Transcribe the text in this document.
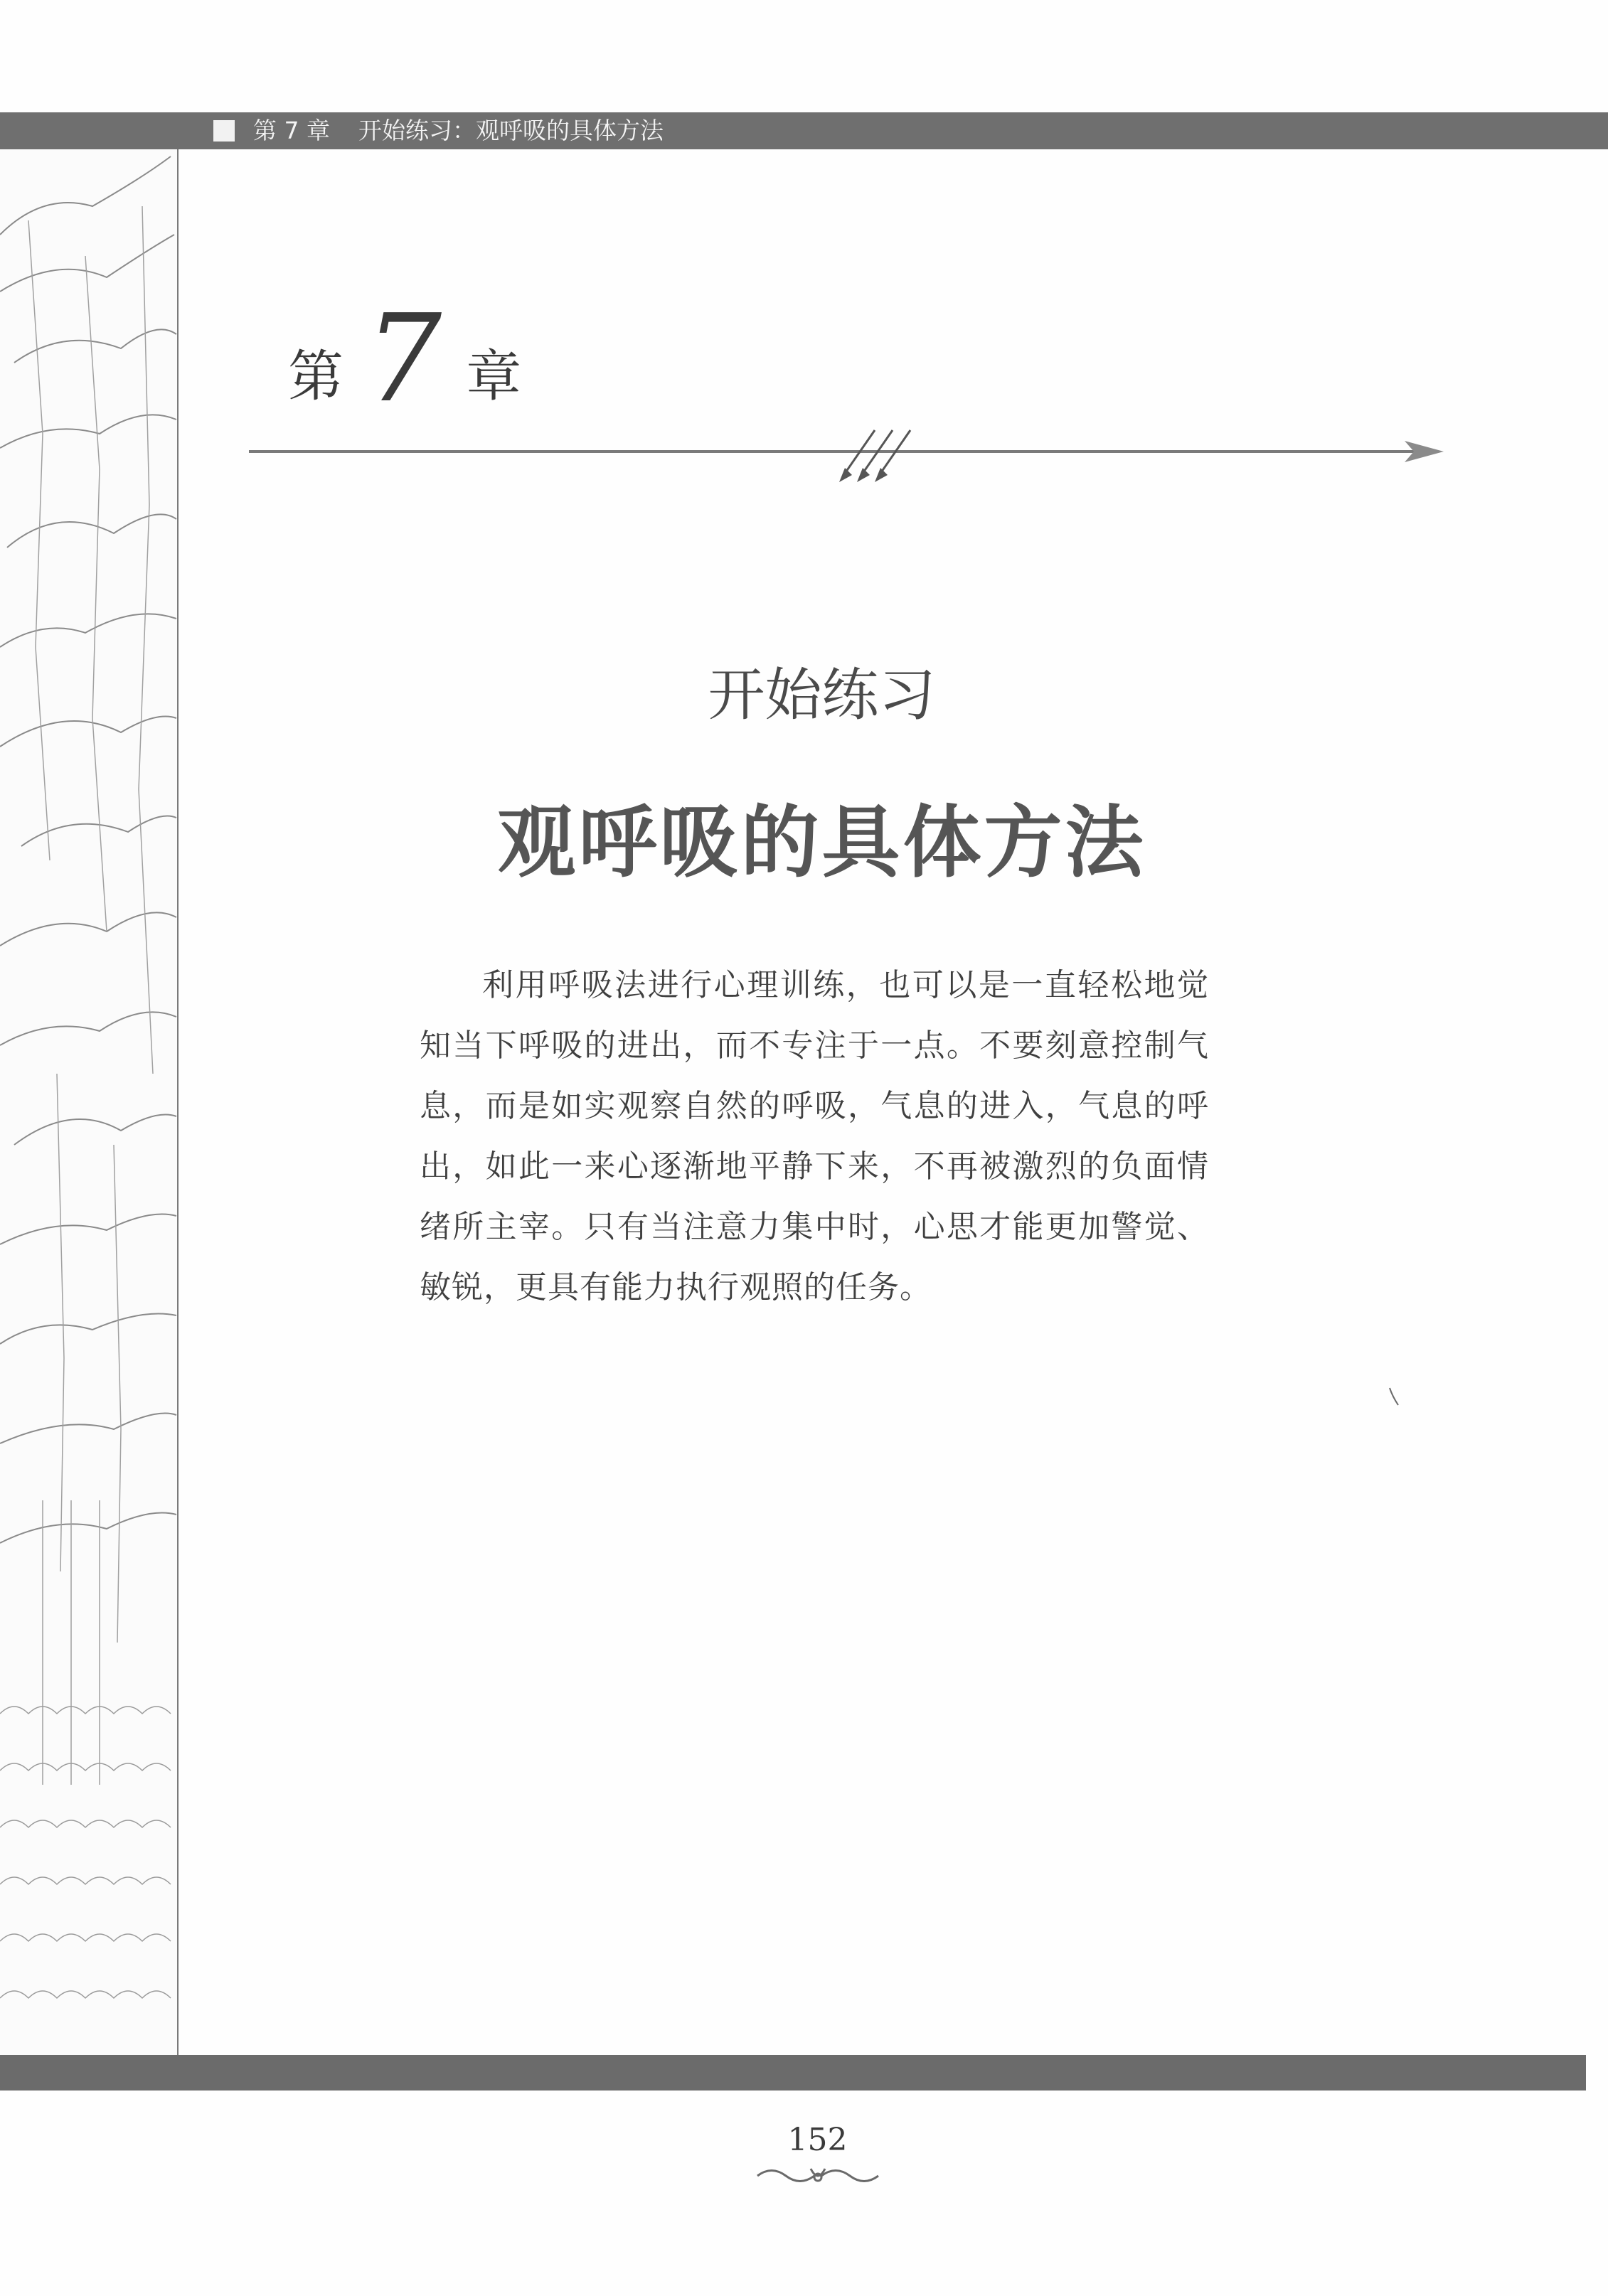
第 7 章 开始练习：观呼吸的具体方法
第 7 章
开始练习
观呼吸的具体方法
利用呼吸法进行心理训练，也可以是一直轻松地觉知当下呼吸的进出，而不专注于一点。不要刻意控制气息，而是如实观察自然的呼吸，气息的进入，气息的呼出，如此一来心逐渐地平静下来，不再被激烈的负面情绪所主宰。只有当注意力集中时，心思才能更加警觉、敏锐，更具有能力执行观照的任务。
152
